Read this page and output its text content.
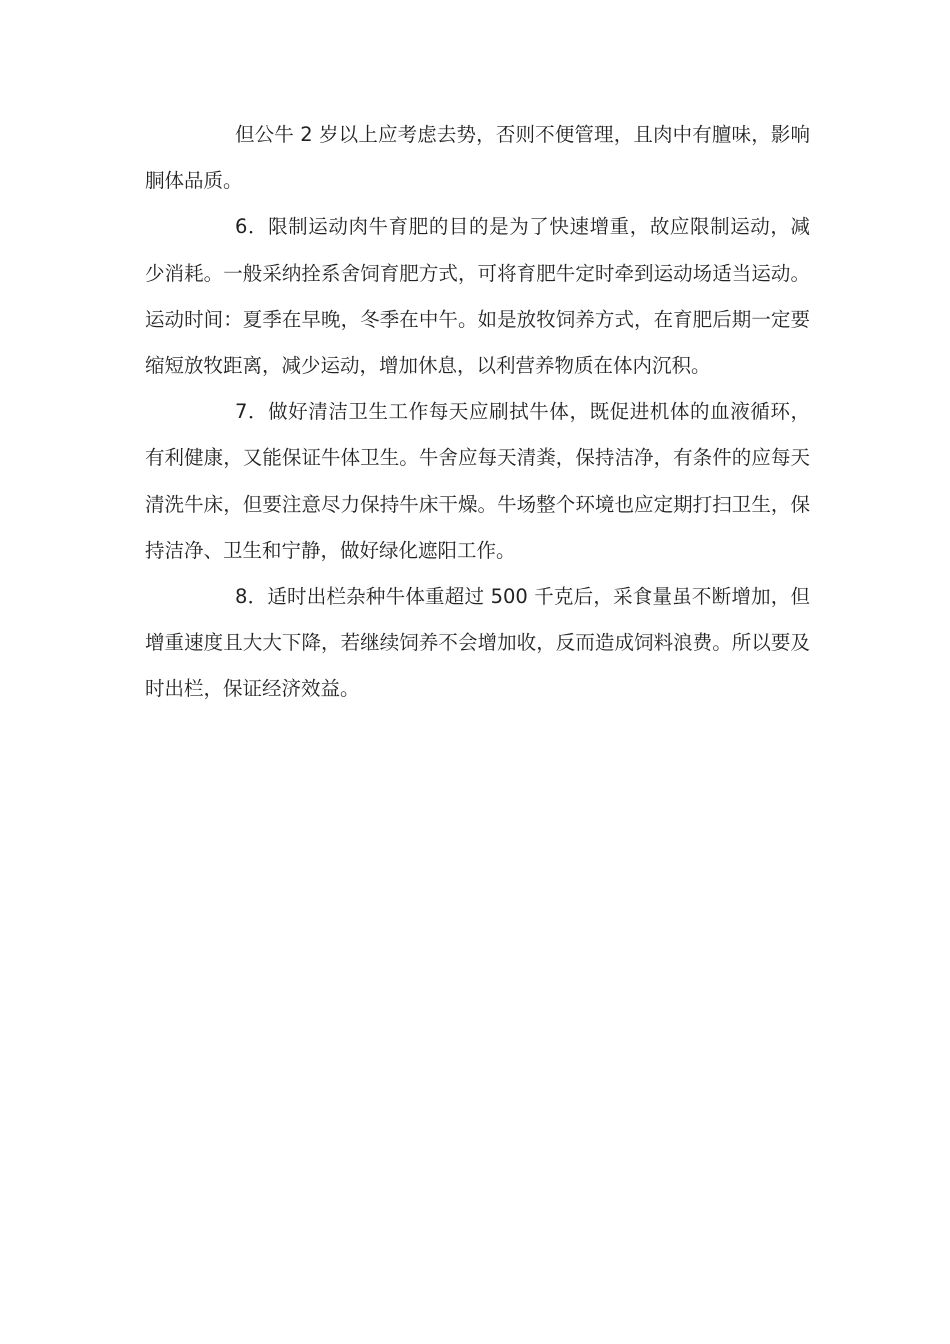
但公牛 2 岁以上应考虑去势，否则不便管理，且肉中有膻味，影响胴体品质。

6．限制运动肉牛育肥的目的是为了快速增重，故应限制运动，减少消耗。一般采纳拴系舍饲育肥方式，可将育肥牛定时牵到运动场适当运动。运动时间：夏季在早晚，冬季在中午。如是放牧饲养方式，在育肥后期一定要缩短放牧距离，减少运动，增加休息，以利营养物质在体内沉积。

7．做好清洁卫生工作每天应刷拭牛体，既促进机体的血液循环，有利健康，又能保证牛体卫生。牛舍应每天清粪，保持洁净，有条件的应每天清洗牛床，但要注意尽力保持牛床干燥。牛场整个环境也应定期打扫卫生，保持洁净、卫生和宁静，做好绿化遮阳工作。

8．适时出栏杂种牛体重超过 500 千克后，采食量虽不断增加，但增重速度且大大下降，若继续饲养不会增加收，反而造成饲料浪费。所以要及时出栏，保证经济效益。
